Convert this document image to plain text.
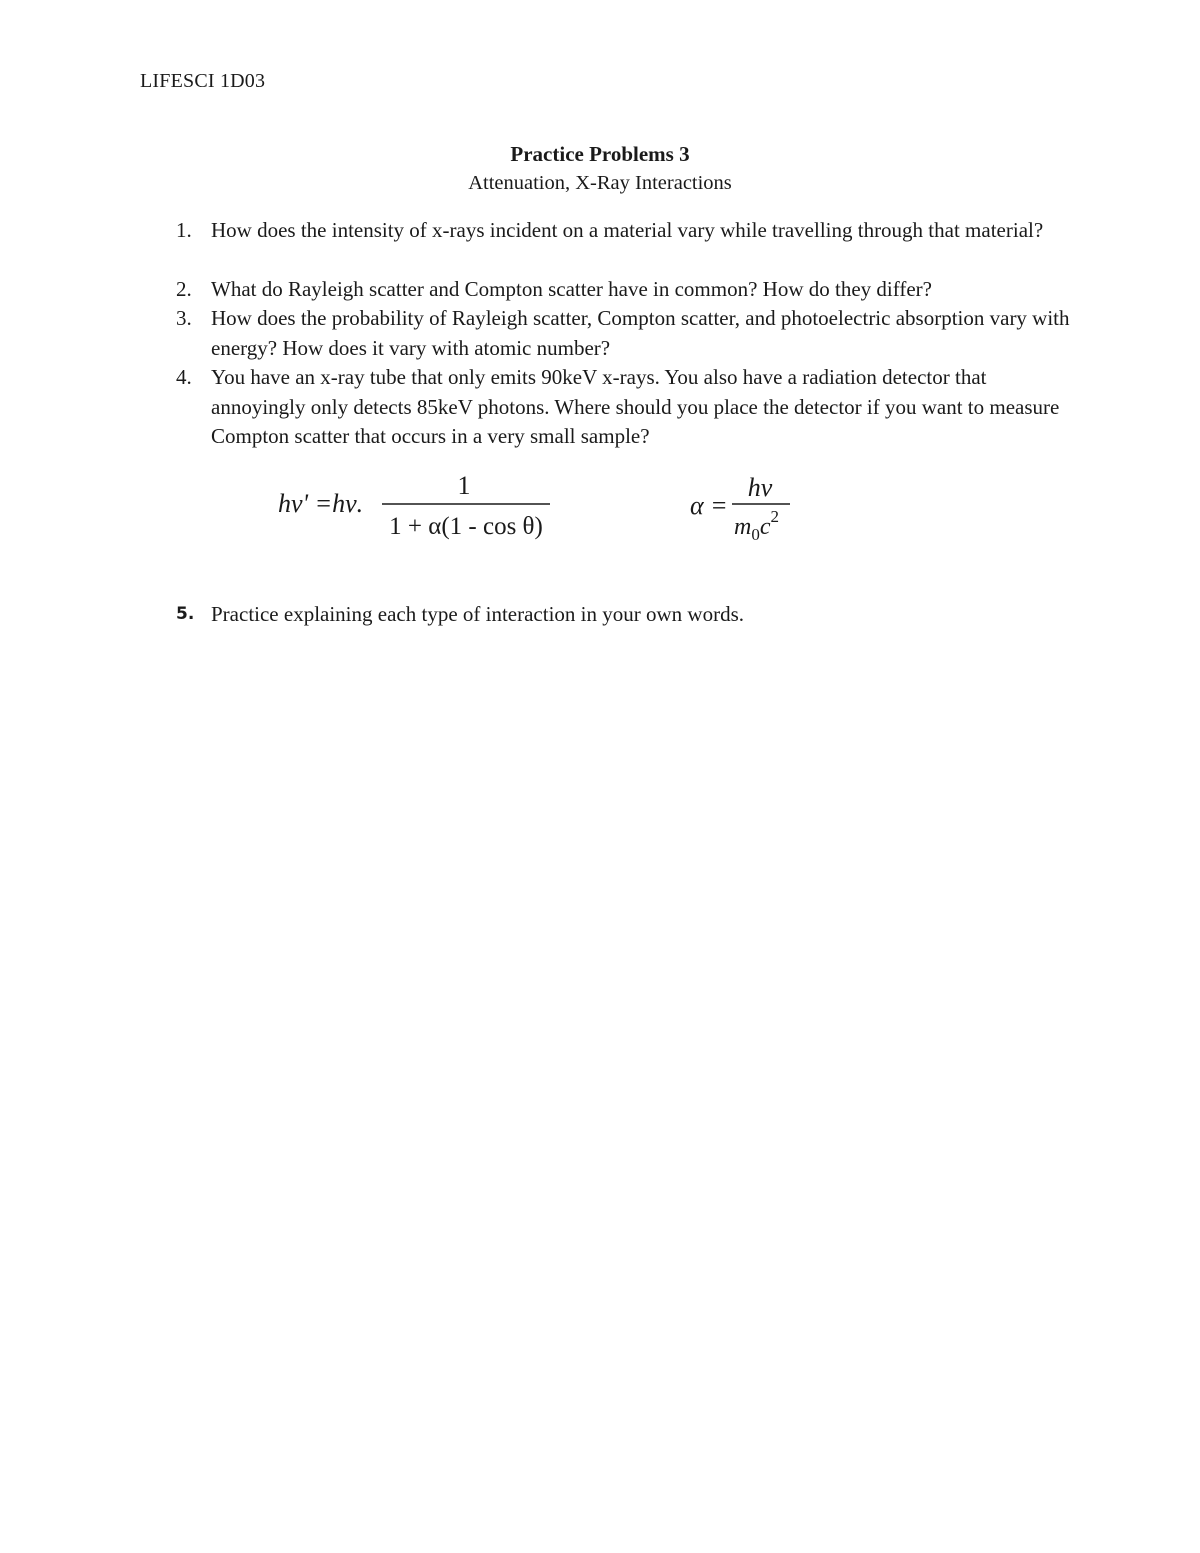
LIFESCI 1D03
Practice Problems 3
Attenuation, X-Ray Interactions
1. How does the intensity of x-rays incident on a material vary while travelling through that material?
2. What do Rayleigh scatter and Compton scatter have in common? How do they differ?
3. How does the probability of Rayleigh scatter, Compton scatter, and photoelectric absorption vary with energy? How does it vary with atomic number?
4. You have an x-ray tube that only emits 90keV x-rays. You also have a radiation detector that annoyingly only detects 85keV photons. Where should you place the detector if you want to measure Compton scatter that occurs in a very small sample?
hν' =hν.
1
1 + α(1 - cos θ)
α =
hν
$m_0c^2$
5. Practice explaining each type of interaction in your own words.
